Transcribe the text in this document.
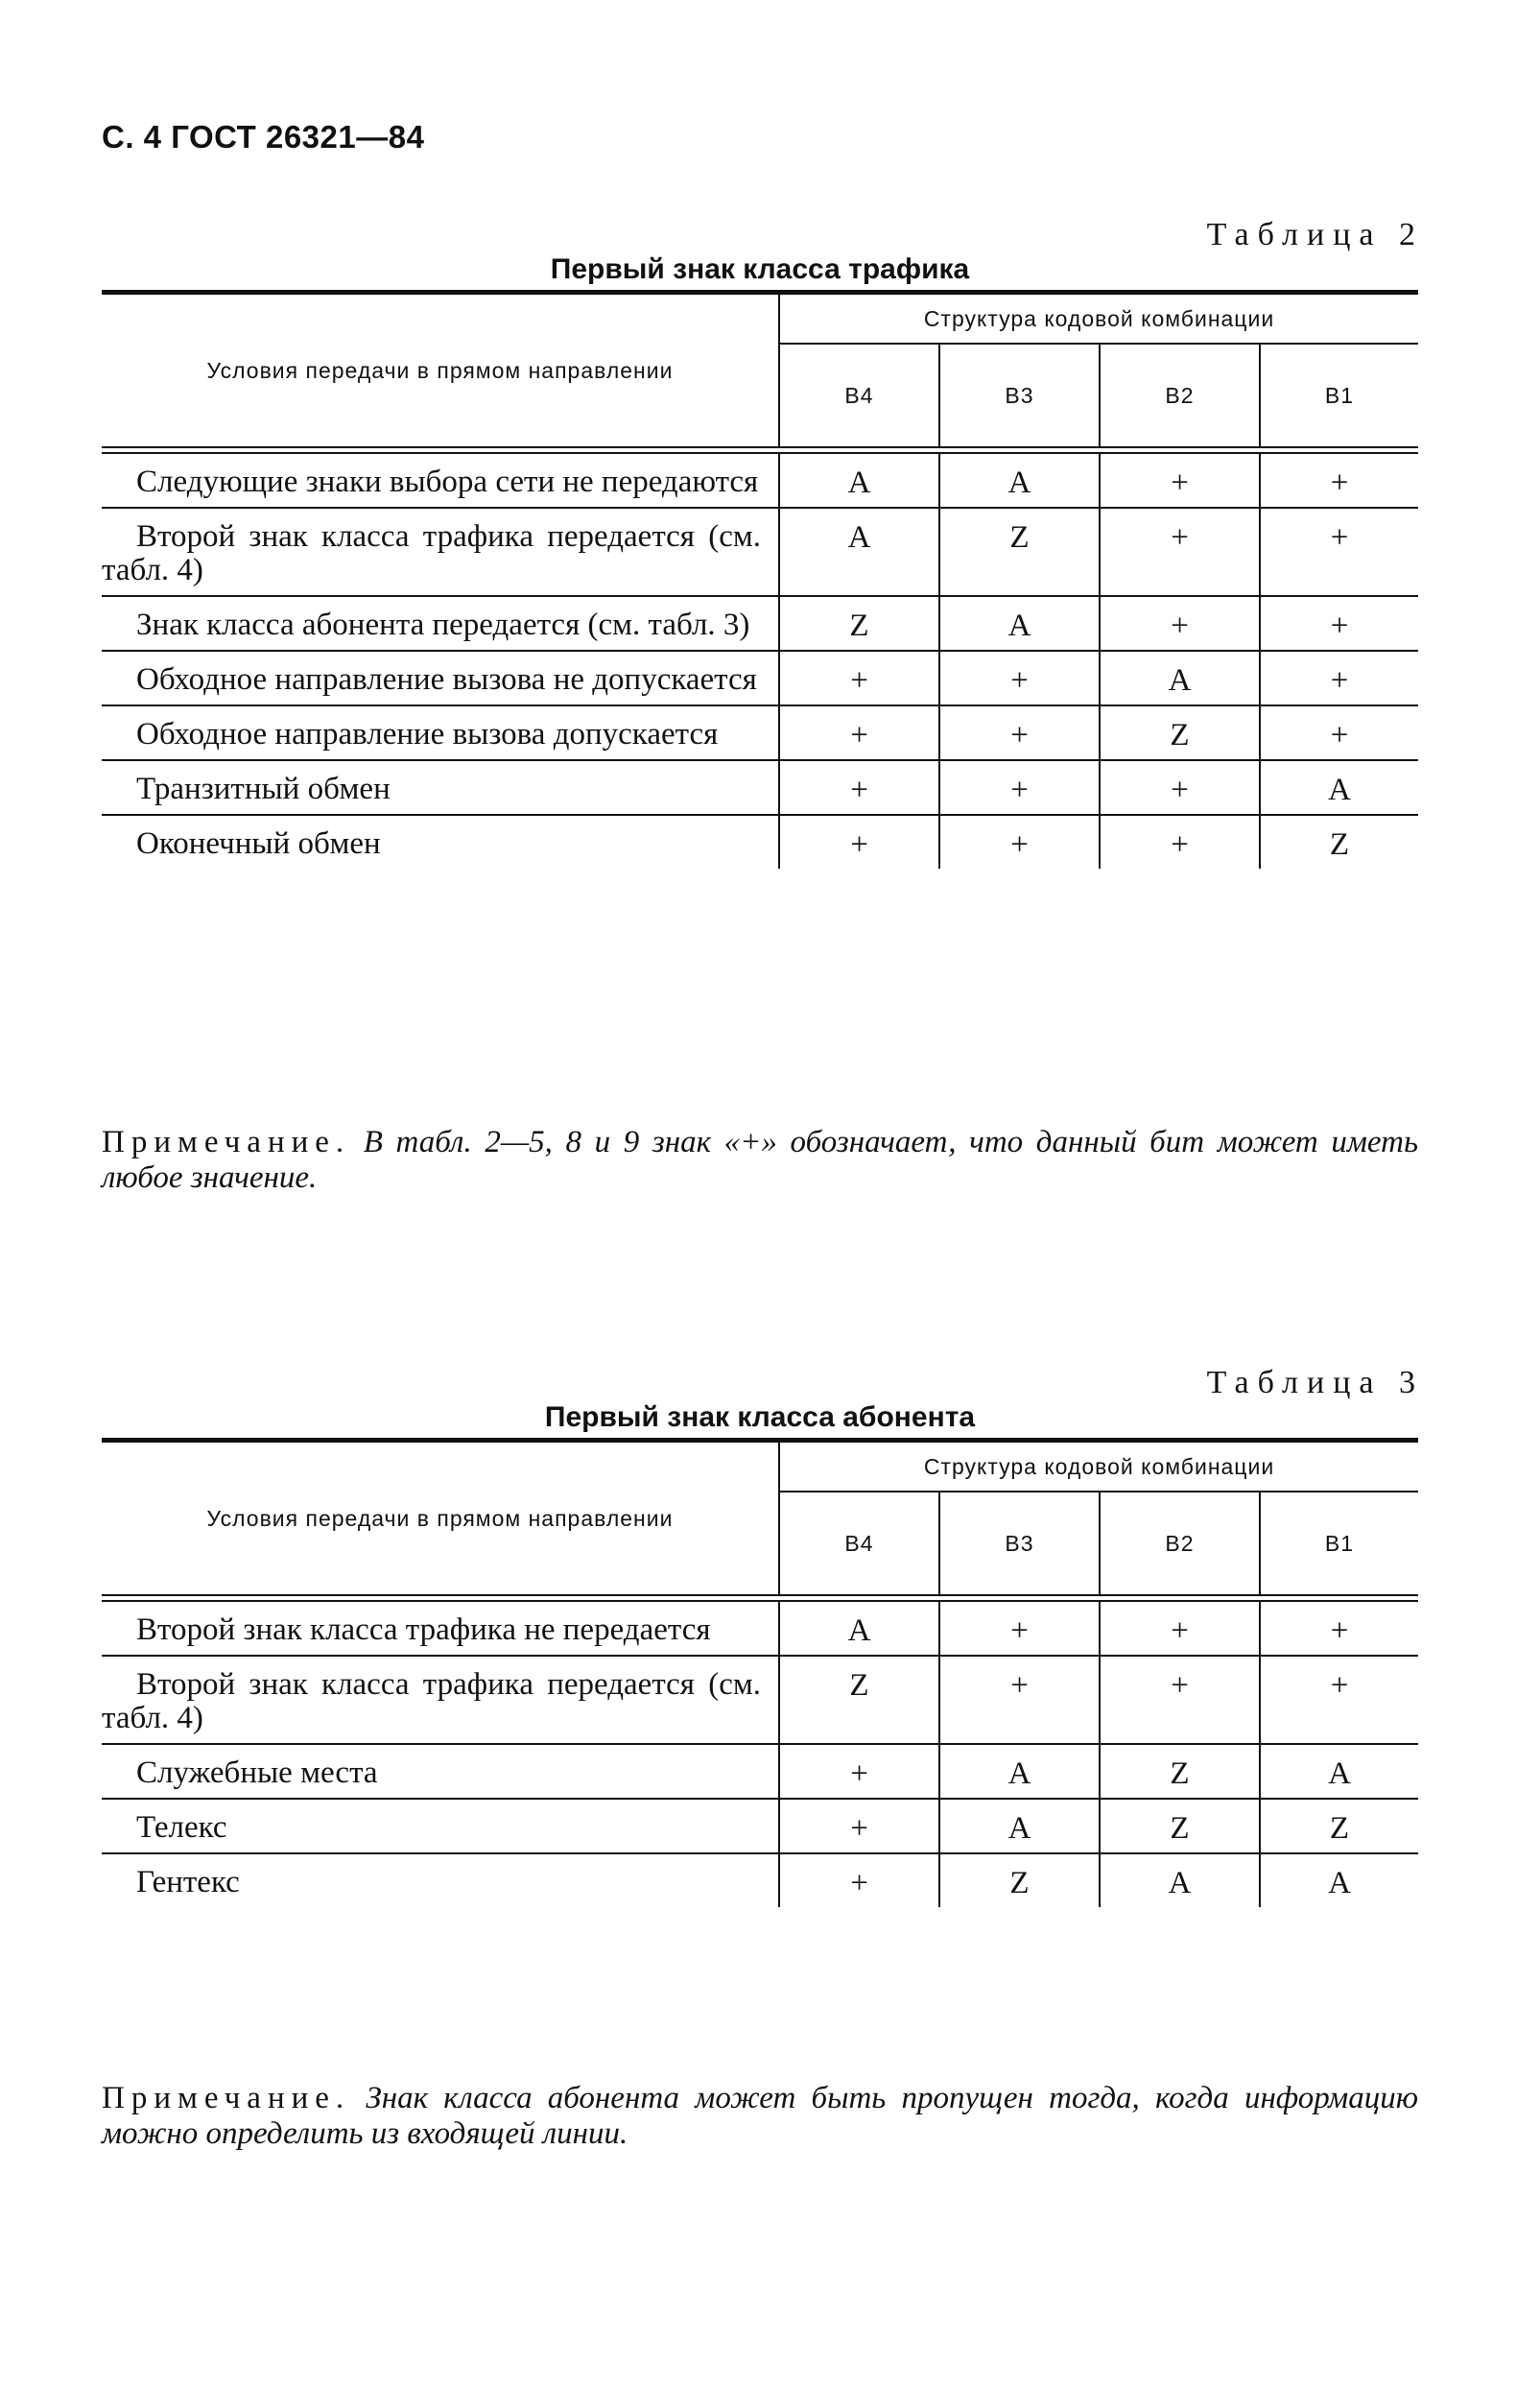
С. 4 ГОСТ 26321—84
Таблица 2
Первый знак класса трафика
Условия передачи в прямом направлении	Структура кодовой комбинации			
	В4	В3	В2	В1

Следующие знаки выбора сети не передаются	А	А	+	+

Второй знак класса трафика передается (см. табл. 4)	А	Z	+	+

Знак класса абонента передается (см. табл. 3)	Z	А	+	+

Обходное направление вызова не допускается	+	+	А	+

Обходное направление вызова допускается	+	+	Z	+
Транзитный обмен	+	+	+	А
Оконечный обмен	+	+	+	Z
Примечание. В табл. 2—5, 8 и 9 знак «+» обозначает, что данный бит может иметь любое значение.
Таблица 3
Первый знак класса абонента
Условия передачи в прямом направлении	Структура кодовой комбинации			
	В4	В3	В2	В1

Второй знак класса трафика не передается	А	+	+	+

Второй знак класса трафика передается (см. табл. 4)	Z	+	+	+
Служебные места	+	А	Z	А
Телекс	+	А	Z	Z
Гентекс	+	Z	А	А
Примечание. Знак класса абонента может быть пропущен тогда, когда информацию можно определить из входящей линии.
